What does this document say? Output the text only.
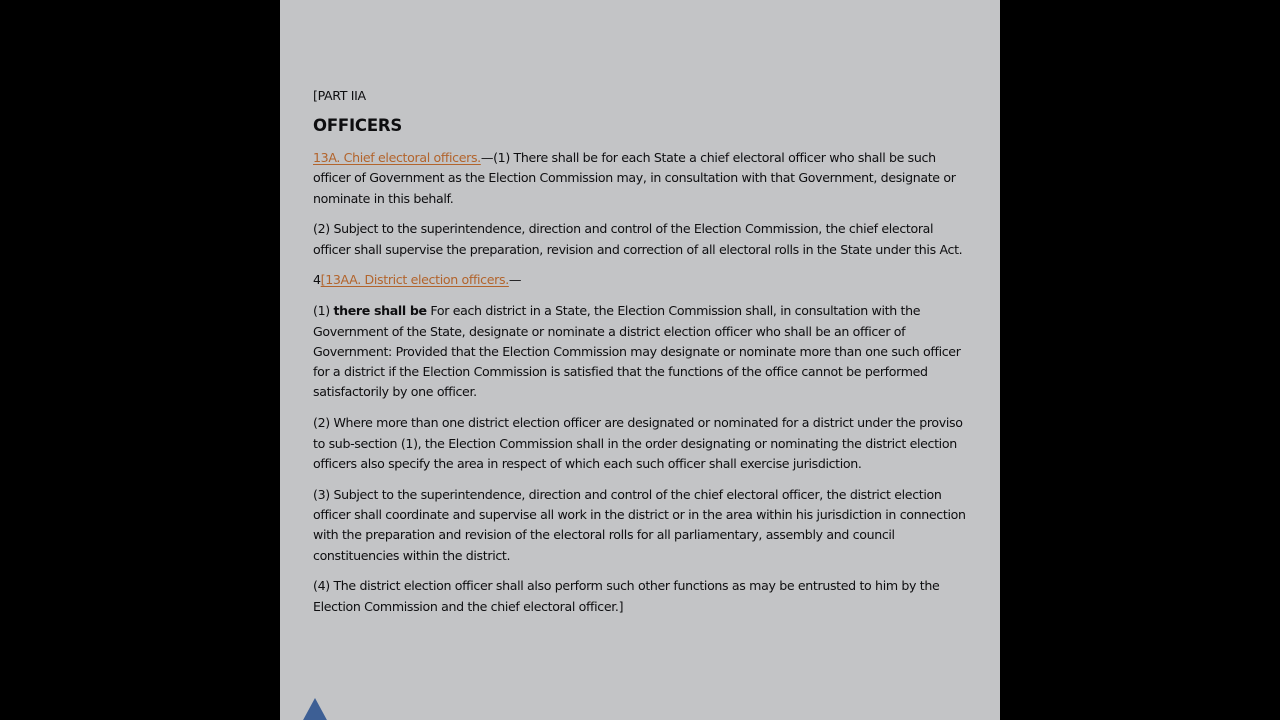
[PART IIA
OFFICERS

13A. Chief electoral officers.—(1) There shall be for each State a chief electoral officer who shall be such officer of Government as the Election Commission may, in consultation with that Government, designate or nominate in this behalf.

(2) Subject to the superintendence, direction and control of the Election Commission, the chief electoral officer shall supervise the preparation, revision and correction of all electoral rolls in the State under this Act.

4[13AA. District election officers.—

(1) there shall be For each district in a State, the Election Commission shall, in consultation with the Government of the State, designate or nominate a district election officer who shall be an officer of Government: Provided that the Election Commission may designate or nominate more than one such officer for a district if the Election Commission is satisfied that the functions of the office cannot be performed satisfactorily by one officer.

(2) Where more than one district election officer are designated or nominated for a district under the proviso to sub-section (1), the Election Commission shall in the order designating or nominating the district election officers also specify the area in respect of which each such officer shall exercise jurisdiction.

(3) Subject to the superintendence, direction and control of the chief electoral officer, the district election officer shall coordinate and supervise all work in the district or in the area within his jurisdiction in connection with the preparation and revision of the electoral rolls for all parliamentary, assembly and council constituencies within the district.

(4) The district election officer shall also perform such other functions as may be entrusted to him by the Election Commission and the chief electoral officer.]
